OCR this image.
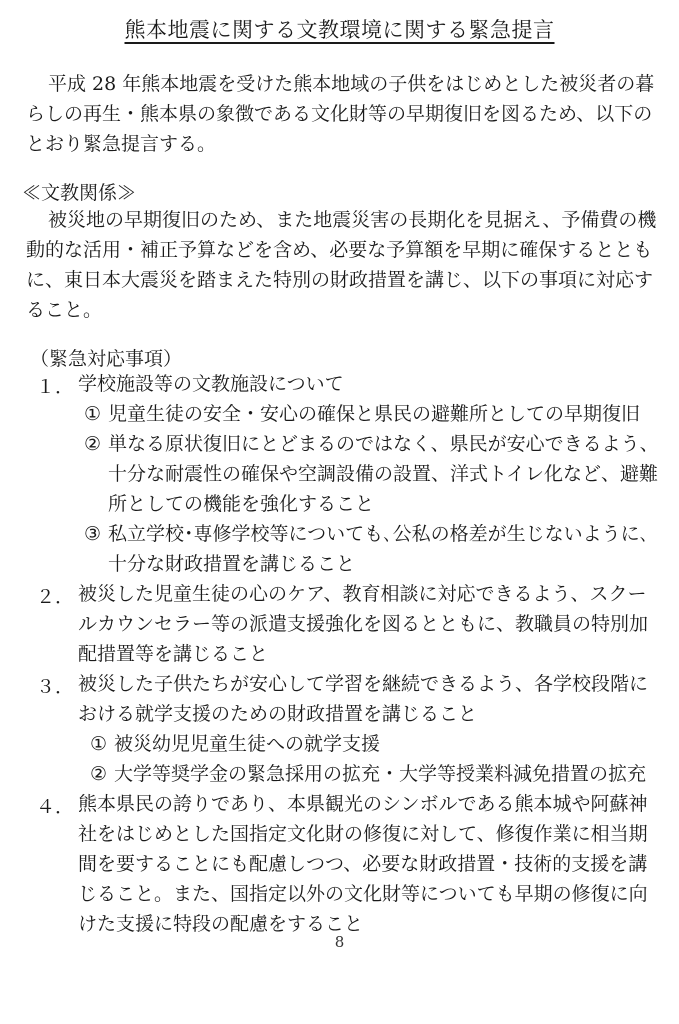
熊本地震に関する文教環境に関する緊急提言
平成 28 年熊本地震を受けた熊本地域の子供をはじめとした被災者の暮
らしの再生・熊本県の象徴である文化財等の早期復旧を図るため、以下の
とおり緊急提言する。
≪文教関係≫
被災地の早期復旧のため、また地震災害の長期化を見据え、予備費の機
動的な活用・補正予算などを含め、必要な予算額を早期に確保するととも
に、東日本大震災を踏まえた特別の財政措置を講じ、以下の事項に対応す
ること。
（緊急対応事項）
１． 学校施設等の文教施設について
① 児童生徒の安全・安心の確保と県民の避難所としての早期復旧
② 単なる原状復旧にとどまるのではなく、県民が安心できるよう、
十分な耐震性の確保や空調設備の設置、洋式トイレ化など、避難
所としての機能を強化すること
③ 私立学校･専修学校等についても､公私の格差が生じないように､
十分な財政措置を講じること
２． 被災した児童生徒の心のケア、教育相談に対応できるよう、スクー
ルカウンセラー等の派遣支援強化を図るとともに、教職員の特別加
配措置等を講じること
３． 被災した子供たちが安心して学習を継続できるよう、各学校段階に
おける就学支援のための財政措置を講じること
① 被災幼児児童生徒への就学支援
② 大学等奨学金の緊急採用の拡充・大学等授業料減免措置の拡充
４． 熊本県民の誇りであり、本県観光のシンボルである熊本城や阿蘇神
社をはじめとした国指定文化財の修復に対して、修復作業に相当期
間を要することにも配慮しつつ、必要な財政措置・技術的支援を講
じること。また、国指定以外の文化財等についても早期の修復に向
けた支援に特段の配慮をすること
8
